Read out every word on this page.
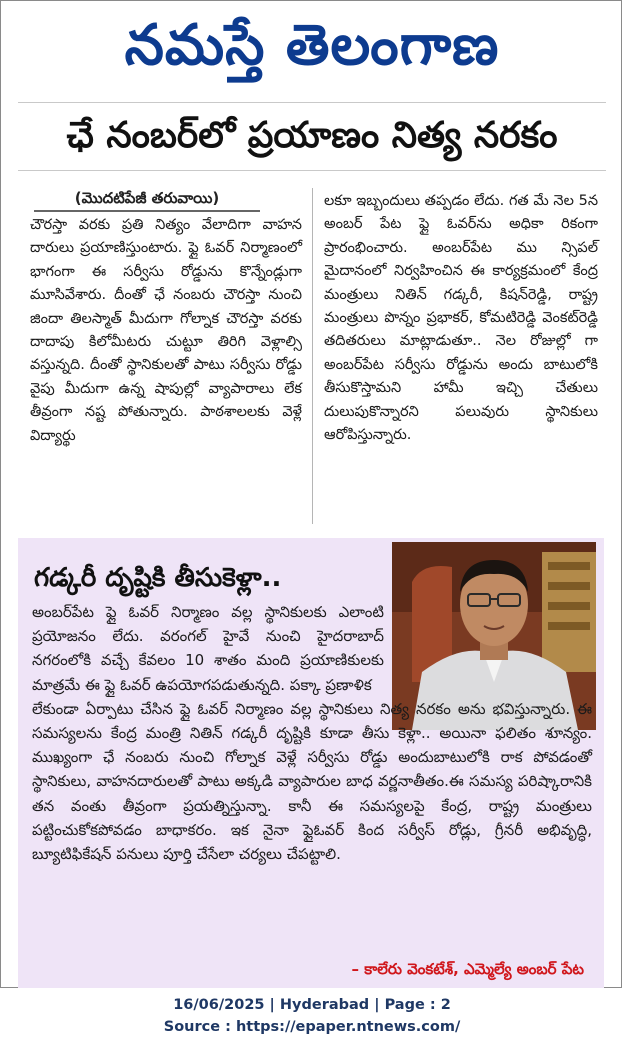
నమస్తే తెలంగాణ
ఛే నంబర్‌లో ప్రయాణం నిత్య నరకం
(మొదటిపేజీ తరువాయి)

చౌరస్తా వరకు ప్రతి నిత్యం వేలాదిగా వాహన దారులు ప్రయాణిస్తుంటారు. ఫ్లై ఓవర్ నిర్మాణంలో భాగంగా ఈ సర్వీసు రోడ్డును కొన్నేండ్లుగా మూసివేశారు. దీంతో ఛే నంబరు చౌరస్తా నుంచి జిందా తిలస్మాత్ మీదుగా గోల్నాక చౌరస్తా వరకు దాదాపు కిలోమీటరు చుట్టూ తిరిగి వెళ్లాల్సి వస్తున్నది. దీంతో స్థానికులతో పాటు సర్వీసు రోడ్డు వైపు మీదుగా ఉన్న షాపుల్లో వ్యాపారాలు లేక తీవ్రంగా నష్ట పోతున్నారు. పాఠశాలలకు వెళ్లే విద్యార్థు

లకూ ఇబ్బందులు తప్పడం లేదు. గత మే నెల 5న అంబర్ పేట ఫ్లై ఓవర్‌ను అధికా రికంగా ప్రారంభించారు. అంబర్‌పేట ము న్సిపల్ మైదానంలో నిర్వహించిన ఈ కార్యక్రమంలో కేంద్ర మంత్రులు నితిన్ గడ్కరీ, కిషన్‌రెడ్డి, రాష్ట్ర మంత్రులు పొన్నం ప్రభాకర్, కోమటిరెడ్డి వెంకట్‌రెడ్డి తదితరులు మాట్లాడుతూ.. నెల రోజుల్లో గా అంబర్‌పేట సర్వీసు రోడ్డును అందు బాటులోకి తీసుకొస్తామని హామీ ఇచ్చి చేతులు దులుపుకొన్నారని పలువురు స్థానికులు ఆరోపిస్తున్నారు.

గడ్కరీ దృష్టికి తీసుకెళ్లా..

అంబర్‌పేట ఫ్లై ఓవర్ నిర్మాణం వల్ల స్థానికులకు ఎలాంటి ప్రయోజనం లేదు. వరంగల్ హైవే నుంచి హైదరాబాద్ నగరంలోకి వచ్చే కేవలం 10 శాతం మంది ప్రయాణికులకు మాత్రమే ఈ ఫ్లై ఓవర్ ఉపయోగపడుతున్నది. పక్కా ప్రణాళిక

లేకుండా ఏర్పాటు చేసిన ఫ్లై ఓవర్ నిర్మాణం వల్ల స్థానికులు నిత్య నరకం అను భవిస్తున్నారు. ఈ సమస్యలను కేంద్ర మంత్రి నితిన్ గడ్కరీ దృష్టికి కూడా తీసు కెళ్లా.. అయినా ఫలితం శూన్యం. ముఖ్యంగా ఛే నంబరు నుంచి గోల్నాక వెళ్లే సర్వీసు రోడ్డు అందుబాటులోకి రాక పోవడంతో స్థానికులు, వాహనదారులతో పాటు అక్కడి వ్యాపారుల బాధ వర్ణనాతీతం.ఈ సమస్య పరిష్కారానికి తన వంతు తీవ్రంగా ప్రయత్నిస్తున్నా. కానీ ఈ సమస్యలపై కేంద్ర, రాష్ట్ర మంత్రులు పట్టించుకోకపోవడం బాధాకరం. ఇక నైనా ఫ్లైఓవర్ కింద సర్వీస్ రోడ్లు, గ్రీనరీ అభివృద్ధి, బ్యూటిఫికేషన్ పనులు పూర్తి చేసేలా చర్యలు చేపట్టాలి.

– కాలేరు వెంకటేశ్, ఎమ్మెల్యే అంబర్ పేట
16/06/2025 | Hyderabad | Page : 2
Source : https://epaper.ntnews.com/
